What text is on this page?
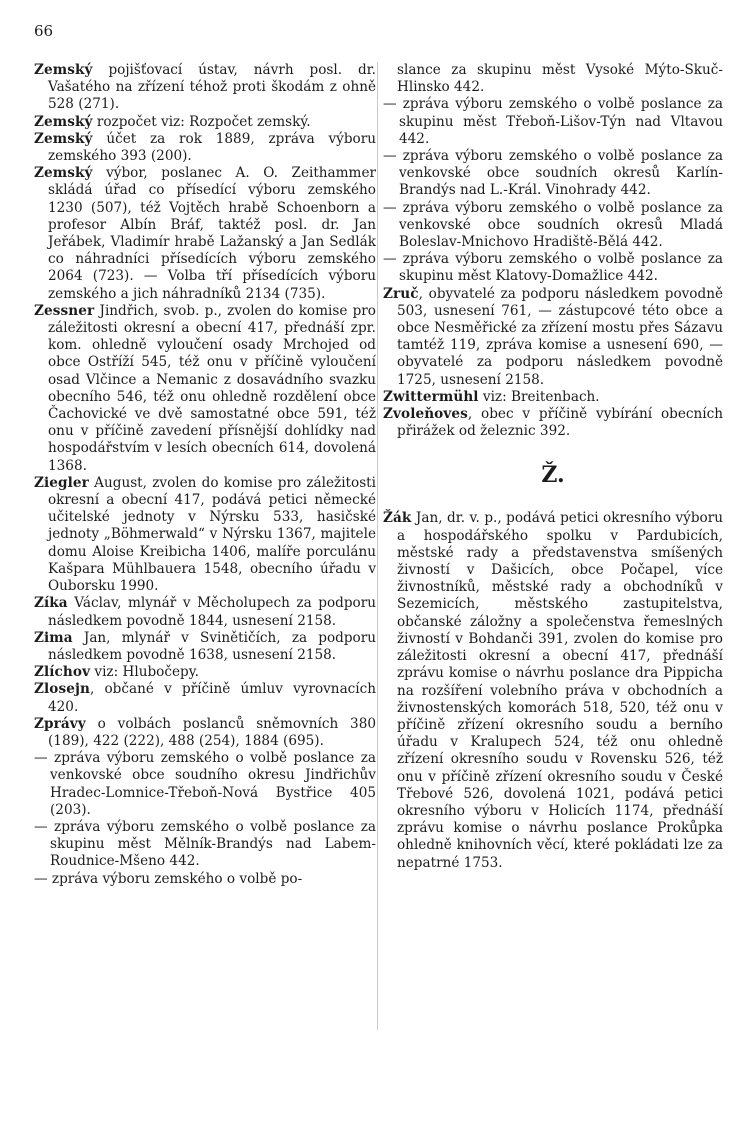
66

Zemský pojišťovací ústav, návrh posl. dr. Vašatého na zřízení téhož proti škodám z ohně 528 (271).

Zemský rozpočet viz: Rozpočet zemský.

Zemský účet za rok 1889, zpráva výboru zemského 393 (200).

Zemský výbor, poslanec A. O. Zeithammer skládá úřad co přísedící výboru zemského 1230 (507), též Vojtěch hrabě Schoenborn a profesor Albín Bráf, taktéž posl. dr. Jan Jeřábek, Vladimír hrabě Lažanský a Jan Sedlák co náhradníci přísedících výboru zemského 2064 (723). — Volba tří přísedících výboru zemského a jich náhradníků 2134 (735).

Zessner Jindřich, svob. p., zvolen do komise pro záležitosti okresní a obecní 417, přednáší zpr. kom. ohledně vyloučení osady Mrchojed od obce Ostříží 545, též onu v příčině vyloučení osad Vlčince a Nemanic z dosavádního svazku obecního 546, též onu ohledně rozdělení obce Čachovické ve dvě samostatné obce 591, též onu v příčině zavedení přísnější dohlídky nad hospodářstvím v lesích obecních 614, dovolená 1368.

Ziegler August, zvolen do komise pro záležitosti okresní a obecní 417, podává petici německé učitelské jednoty v Nýrsku 533, hasičské jednoty „Böhmerwald“ v Nýrsku 1367, majitele domu Aloise Kreibicha 1406, malíře porculánu Kašpara Mühlbauera 1548, obecního úřadu v Ouborsku 1990.

Zíka Václav, mlynář v Měcholupech za podporu následkem povodně 1844, usnesení 2158.

Zima Jan, mlynář v Svinětičích, za podporu následkem povodně 1638, usnesení 2158.

Zlíchov viz: Hlubočepy.

Zlosejn, občané v příčině úmluv vyrovnacích 420.

Zprávy o volbách poslanců sněmovních 380 (189), 422 (222), 488 (254), 1884 (695).

— zpráva výboru zemského o volbě poslance za venkovské obce soudního okresu Jindřichův Hradec-Lomnice-Třeboň-Nová Bystřice 405 (203).

— zpráva výboru zemského o volbě poslance za skupinu měst Mělník-Brandýs nad Labem-Roudnice-Mšeno 442.

— zpráva výboru zemského o volbě po-

slance za skupinu měst Vysoké Mýto-Skuč-Hlinsko 442.

— zpráva výboru zemského o volbě poslance za skupinu měst Třeboň-Lišov-Týn nad Vltavou 442.

— zpráva výboru zemského o volbě poslance za venkovské obce soudních okresů Karlín-Brandýs nad L.-Král. Vinohrady 442.

— zpráva výboru zemského o volbě poslance za venkovské obce soudních okresů Mladá Boleslav-Mnichovo Hradiště-Bělá 442.

— zpráva výboru zemského o volbě poslance za skupinu měst Klatovy-Domažlice 442.

Zruč, obyvatelé za podporu následkem povodně 503, usnesení 761, — zástupcové této obce a obce Nesměřické za zřízení mostu přes Sázavu tamtéž 119, zpráva komise a usnesení 690, — obyvatelé za podporu následkem povodně 1725, usnesení 2158.

Zwittermühl viz: Breitenbach.

Zvoleňoves, obec v příčině vybírání obecních přirážek od železnic 392.

Ž.

Žák Jan, dr. v. p., podává petici okresního výboru a hospodářského spolku v Pardubicích, městské rady a představenstva smíšených živností v Dašicích, obce Počapel, více živnostníků, městské rady a obchodníků v Sezemicích, městského zastupitelstva, občanské záložny a společenstva řemeslných živností v Bohdanči 391, zvolen do komise pro záležitosti okresní a obecní 417, přednáší zprávu komise o návrhu poslance dra Pippicha na rozšíření volebního práva v obchodních a živnostenských komorách 518, 520, též onu v příčině zřízení okresního soudu a berního úřadu v Kralupech 524, též onu ohledně zřízení okresního soudu v Rovensku 526, též onu v příčině zřízení okresního soudu v České Třebové 526, dovolená 1021, podává petici okresního výboru v Holicích 1174, přednáší zprávu komise o návrhu poslance Prokůpka ohledně knihovních věcí, které pokládati lze za nepatrné 1753.
